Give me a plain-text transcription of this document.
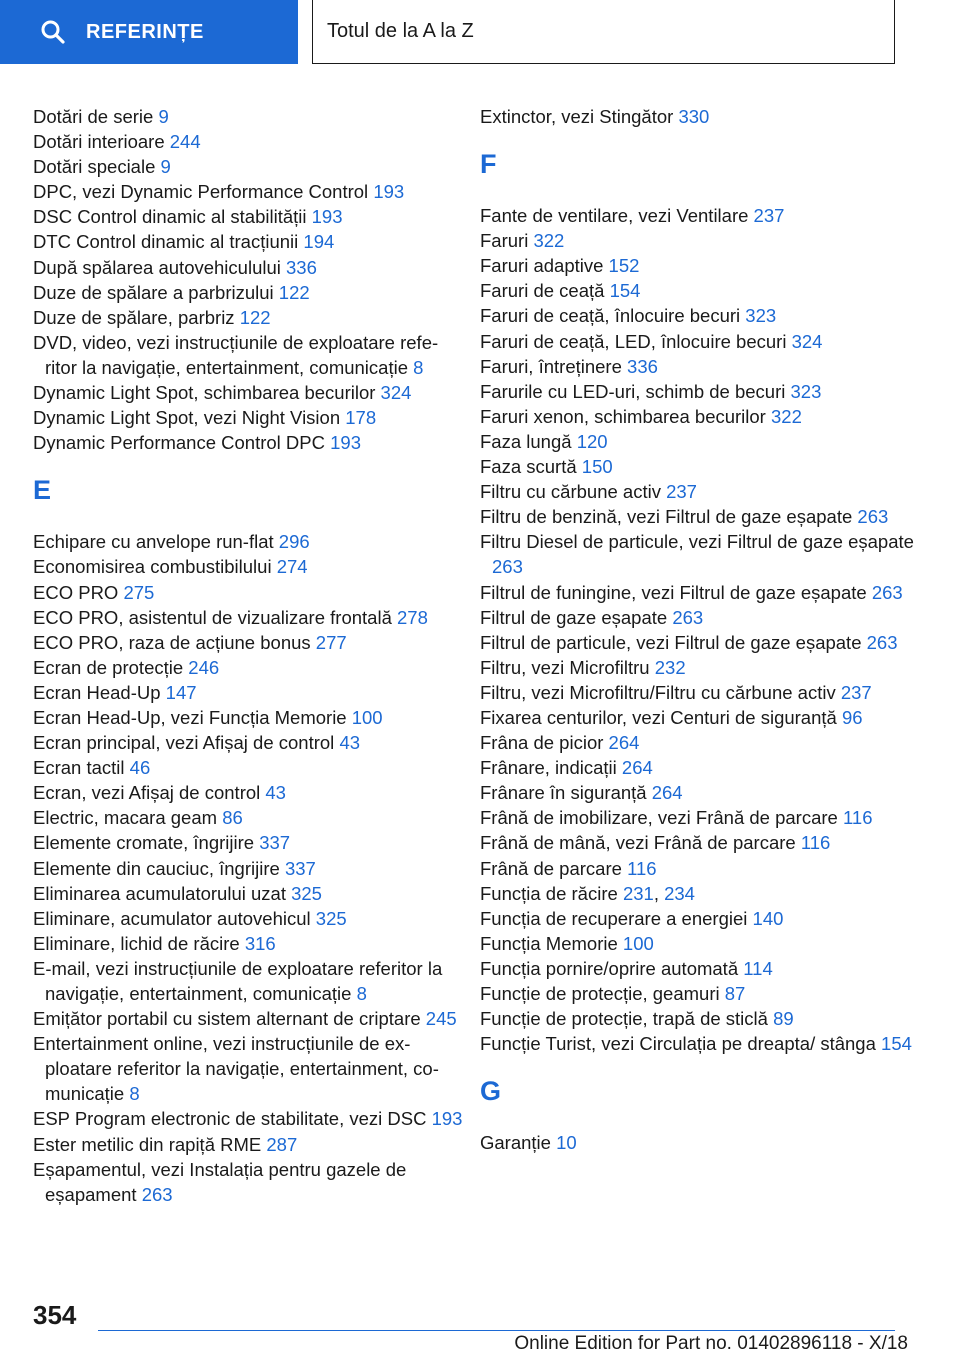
REFERINȚE	Totul de la A la Z
Dotări de serie 9
Dotări interioare 244
Dotări speciale 9
DPC, vezi Dynamic Performance Control 193
DSC Control dinamic al stabilității 193
DTC Control dinamic al tracțiunii 194
După spălarea autovehiculului 336
Duze de spălare a parbrizului 122
Duze de spălare, parbriz 122
DVD, video, vezi instrucțiunile de exploatare referitor la navigație, entertainment, comunicație 8
Dynamic Light Spot, schimbarea becurilor 324
Dynamic Light Spot, vezi Night Vision 178
Dynamic Performance Control DPC 193
E
Echipare cu anvelope run-flat 296
Economisirea combustibilului 274
ECO PRO 275
ECO PRO, asistentul de vizualizare frontală 278
ECO PRO, raza de acțiune bonus 277
Ecran de protecție 246
Ecran Head-Up 147
Ecran Head-Up, vezi Funcția Memorie 100
Ecran principal, vezi Afișaj de control 43
Ecran tactil 46
Ecran, vezi Afișaj de control 43
Electric, macara geam 86
Elemente cromate, îngrijire 337
Elemente din cauciuc, îngrijire 337
Eliminarea acumulatorului uzat 325
Eliminare, acumulator autovehicul 325
Eliminare, lichid de răcire 316
E-mail, vezi instrucțiunile de exploatare referitor la navigație, entertainment, comunicație 8
Emițător portabil cu sistem alternant de criptare 245
Entertainment online, vezi instrucțiunile de exploatare referitor la navigație, entertainment, comunicație 8
ESP Program electronic de stabilitate, vezi DSC 193
Ester metilic din rapiță RME 287
Eșapamentul, vezi Instalația pentru gazele de eșapament 263
Extinctor, vezi Stingător 330
F
Fante de ventilare, vezi Ventilare 237
Faruri 322
Faruri adaptive 152
Faruri de ceață 154
Faruri de ceață, înlocuire becuri 323
Faruri de ceață, LED, înlocuire becuri 324
Faruri, întreținere 336
Farurile cu LED-uri, schimb de becuri 323
Faruri xenon, schimbarea becurilor 322
Faza lungă 120
Faza scurtă 150
Filtru cu cărbune activ 237
Filtru de benzină, vezi Filtrul de gaze eșapate 263
Filtru Diesel de particule, vezi Filtrul de gaze eșapate 263
Filtrul de funingine, vezi Filtrul de gaze eșapate 263
Filtrul de gaze eșapate 263
Filtrul de particule, vezi Filtrul de gaze eșapate 263
Filtru, vezi Microfiltru 232
Filtru, vezi Microfiltru/Filtru cu cărbune activ 237
Fixarea centurilor, vezi Centuri de siguranță 96
Frâna de picior 264
Frânare, indicații 264
Frânare în siguranță 264
Frână de imobilizare, vezi Frână de parcare 116
Frână de mână, vezi Frână de parcare 116
Frână de parcare 116
Funcția de răcire 231, 234
Funcția de recuperare a energiei 140
Funcția Memorie 100
Funcția pornire/oprire automată 114
Funcție de protecție, geamuri 87
Funcție de protecție, trapă de sticlă 89
Funcție Turist, vezi Circulația pe dreapta/ stânga 154
G
Garanție 10
354
Online Edition for Part no. 01402896118 - X/18
